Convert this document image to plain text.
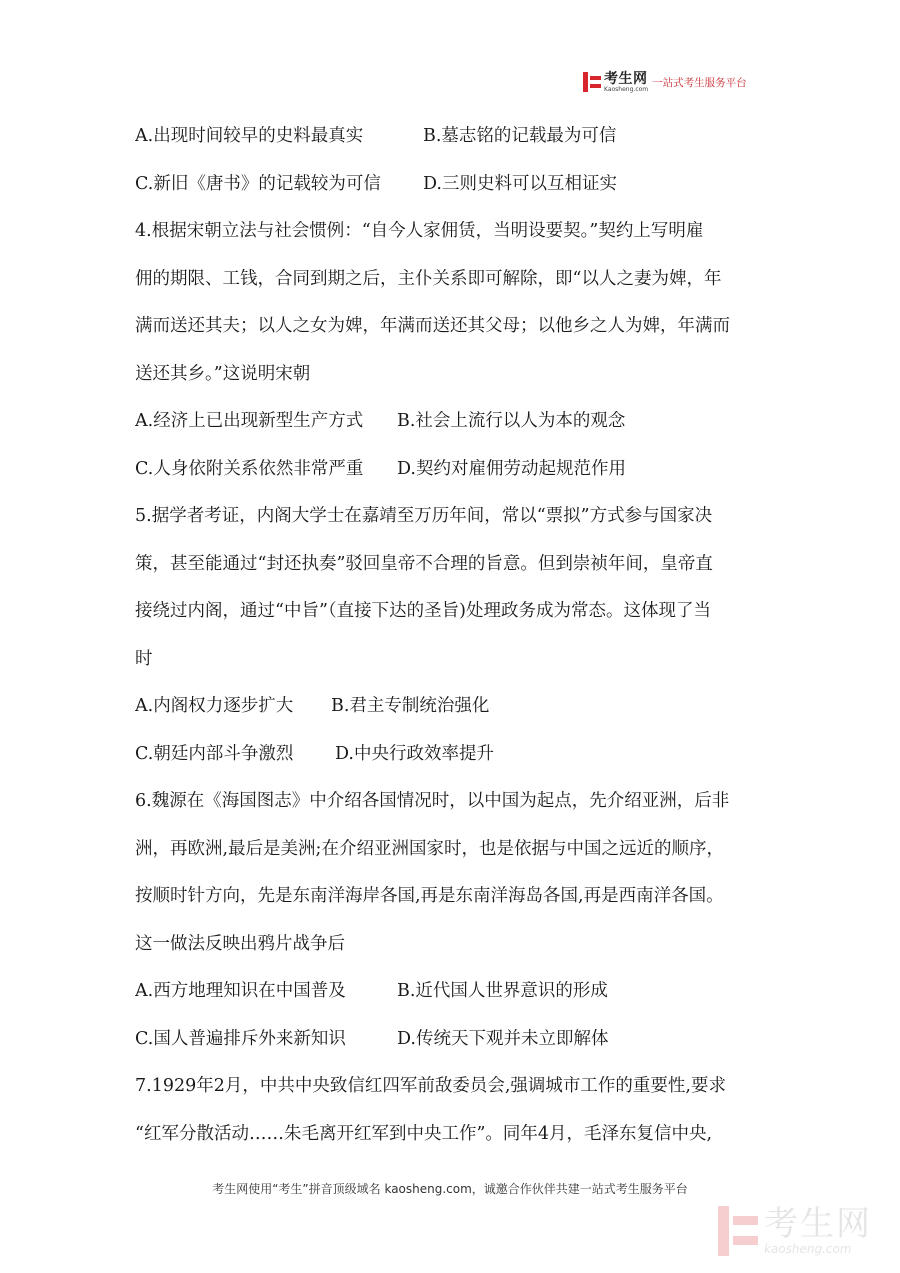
考生网
Kaosheng.com
一站式考生服务平台
A.出现时间较早的史料最真实	B.墓志铭的记载最为可信
C.新旧《唐书》的记载较为可信 D.三则史料可以互相证实
4.根据宋朝立法与社会惯例：“自今人家佣赁，当明设要契。”契约上写明雇
佣的期限、工钱，合同到期之后，主仆关系即可解除，即“以人之妻为婢，年
满而送还其夫；以人之女为婢，年满而送还其父母；以他乡之人为婢，年满而
送还其乡。”这说明宋朝
A.经济上已出现新型生产方式 B.社会上流行以人为本的观念
C.人身依附关系依然非常严重 D.契约对雇佣劳动起规范作用
5.据学者考证，内阁大学士在嘉靖至万历年间，常以“票拟”方式参与国家决
策，甚至能通过“封还执奏”驳回皇帝不合理的旨意。但到崇祯年间，皇帝直
接绕过内阁，通过“中旨”（直接下达的圣旨)处理政务成为常态。这体现了当
时
A.内阁权力逐步扩大 B.君主专制统治强化
C.朝廷内部斗争激烈 D.中央行政效率提升
6.魏源在《海国图志》中介绍各国情况时，以中国为起点，先介绍亚洲，后非
洲，再欧洲,最后是美洲;在介绍亚洲国家时，也是依据与中国之远近的顺序，
按顺时针方向，先是东南洋海岸各国,再是东南洋海岛各国,再是西南洋各国。
这一做法反映出鸦片战争后
A.西方地理知识在中国普及	B.近代国人世界意识的形成
C.国人普遍排斥外来新知识	D.传统天下观并未立即解体
7.1929年2月，中共中央致信红四军前敌委员会,强调城市工作的重要性,要求
“红军分散活动……朱毛离开红军到中央工作”。同年4月，毛泽东复信中央,
考生网使用“考生”拼音顶级域名 kaosheng.com，诚邀合作伙伴共建一站式考生服务平台
考生网
kaosheng.com
